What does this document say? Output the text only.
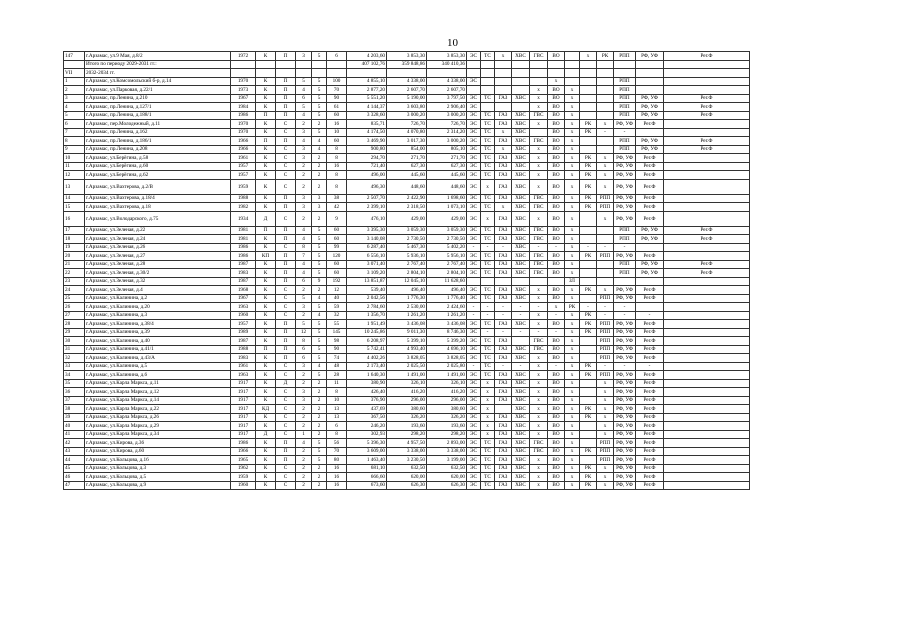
10
147	г.Арзамас, ул.9 Мая, д.8/2	1972	К	П	3	5	6	4 203,60	3 853,30	3 853,30	ЭС	ТС	х	ХВС	ГВС	ВО		х	РК	РПП	РФ, УФ	Рег.Ф
	Итого по периоду 2029-2031 гг.:							407 102,76	359 848,86	340 410,36												
VII	2032-2034 гг.																					
1	г.Арзамас, ул.Комсомольский б-р, д.14	1970	К	П	5	5	100	4 855,10	4 338,00	4 338,00	ЭС					х				РПП		
2	г.Арзамас, ул.Парковая, д.22/1	1973	К	П	4	5	70	2 877,20	2 607,70	2 607,70					х	ВО	х			РПП		
3	г.Арзамас, пр.Ленина, д.210	1967	К	П	6	5	90	5 551,20	5 190,00	3 797,50	ЭС	ТС	ГАЗ	ХВС	х	ВО	х			РПП	РФ, УФ	Рег.Ф
4	г.Арзамас, пр.Ленина, д.127/1	1984	К	П	5	5	61	4 144,37	3 603,80	2 906,40	ЭС				х	ВО	х			РПП	РФ, УФ	Рег.Ф
5	г.Арзамас, пр.Ленина, д.188/1	1986	П	П	4	5	60	3 328,60	3 000,20	3 000,20	ЭС	ТС	ГАЗ	ХВС	ГВС	ВО	х			РПП	РФ, УФ	Рег.Ф
6	г.Арзамас, пер.Молодежный, д.11	1970	К	С	2	2	16	835,71	726,70	726,70	ЭС	ТС	ГАЗ	ХВС	х	ВО	х	РК	х	РФ, УФ	Рег.Ф	
7	г.Арзамас, пр.Ленина, д.162	1970	К	С	3	5	10	4 174,50	4 070,80	2 314,20	ЭС	ТС	х	ХВС		ВО	х	РК	-	-		
8	г.Арзамас, пр.Ленина, д.186/1	1966	П	П	4	4	60	3 469,90	3 017,30	3 000,20	ЭС	ТС	ГАЗ	ХВС	ГВС	ВО	х			РПП	РФ, УФ	Рег.Ф
9	г.Арзамас, пр.Ленина, д.208	1966	К	С	3	4	8	900,80	854,00	805,10	ЭС	ТС	х	ХВС	х	ВО	х			РПП	РФ, УФ	Рег.Ф
10	г.Арзамас, ул.Берёгина, д.58	1961	К	С	3	2	8	294,70	271,70	271,70	ЭС	ТС	ГАЗ	ХВС	х	ВО	х	РК	х	РФ, УФ	Рег.Ф	
11	г.Арзамас, ул.Берёгина, д.60	1957	К	С	2	2	16	721,40	627,30	627,30	ЭС	ТС	ГАЗ	ХВС	х	ВО	х	РК	х	РФ, УФ	Рег.Ф	
12	г.Арзамас, ул.Берёгина, д.62	1957	К	С	2	2	8	496,00	445,60	445,60	ЭС	ТС	ГАЗ	ХВС	х	ВО	х	РК	х	РФ, УФ	Рег.Ф	
13	г.Арзамас, ул.Вахтерова, д.2/В	1959	К	С	2	2	8	496,30	448,60	448,60	ЭС	х	ГАЗ	ХВС	х	ВО	х	РК	х	РФ, УФ	Рег.Ф	
14	г.Арзамас, ул.Вахтерова, д.18/4	1988	К	П	3	3	38	2 507,70	2 422,90	1 698,60	ЭС	ТС	ГАЗ	ХВС	ГВС	ВО	х	РК	РПП	РФ, УФ	Рег.Ф	
15	г.Арзамас, ул.Вахтерова, д.18	1982	К	П	3	3	42	2 399,10	2 318,50	1 073,10	ЭС	ТС	х	ХВС	ГВС	ВО	х	РК	РПП	РФ, УФ	Рег.Ф	
16	г.Арзамас, ул.Володарского, д.75	1934	Д	С	2	2	9	476,10	429,00	429,00	ЭС	х	ГАЗ	ХВС	х	ВО	х		х	РФ, УФ	Рег.Ф	
17	г.Арзамас, ул.Зеленая, д.22	1981	П	П	4	5	60	3 395,30	3 059,30	3 059,30	ЭС	ТС	ГАЗ	ХВС	ГВС	ВО	х			РПП	РФ, УФ	Рег.Ф
18	г.Арзамас, ул.Зеленая, д.24	1981	К	П	4	5	60	3 140,08	2 730,50	2 730,50	ЭС	ТС	ГАЗ	ХВС	ГВС	ВО	х			РПП	РФ, УФ	Рег.Ф
19	г.Арзамас, ул.Зеленая, д.26	1986	К	С	8	5	99	6 287,40	5 467,30	5 402,20	-	-	-	ХВС	-	-	х	-	-	-		
20	г.Арзамас, ул.Зеленая, д.27	1986	КП	П	7	5	120	6 556,10	5 936,10	5 956,10	ЭС	ТС	ГАЗ	ХВС	ГВС	ВО	х	РК	РПП	РФ, УФ	Рег.Ф	
21	г.Арзамас, ул.Зеленая, д.28	1987	К	П	4	5	60	3 071,40	2 767,40	2 767,40	ЭС	ТС	ГАЗ	ХВС	ГВС	ВО	х			РПП	РФ, УФ	Рег.Ф
22	г.Арзамас, ул.Зеленая, д.30/2	1983	К	П	4	5	60	3 109,20	2 804,10	2 804,10	ЭС	ТС	ГАЗ	ХВС	ГВС	ВО	х			РПП	РФ, УФ	Рег.Ф
23	г.Арзамас, ул.Зеленая, д.32	1987	К	П	6	9	192	13 851,87	12 045,10	11 628,60							ЗЛ					
24	г.Арзамас, ул.Зеленая, д.4	1968	К	С	2	2	12	539,40	496,40	496,40	ЭС	ТС	ГАЗ	ХВС	х	ВО	х	РК	х	РФ, УФ	Рег.Ф	
25	г.Арзамас, ул.Калинина, д.2	1967	К	С	5	4	40	2 042,56	1 776,30	1 776,40	ЭС	ТС	ГАЗ	ХВС	х	ВО	х		РПП	РФ, УФ	Рег.Ф	
26	г.Арзамас, ул.Калинина, д.20	1963	К	С	3	5	59	2 784,60	2 530,00	2 424,60	-	-	-	-	-	х	РК	-	-	-		
27	г.Арзамас, ул.Калинина, д.3	1960	К	С	2	4	32	1 356,70	1 261,20	1 261,20	-	-	-	-	х	-	х	РК	-	-	-	
28	г.Арзамас, ул.Калинина, д.38/4	1957	К	П	5	5	55	1 951,49	3 436,08	3 436,08	ЭС	ТС	ГАЗ	ХВС	х	ВО	х	РК	РПП	РФ, УФ	Рег.Ф	
29	г.Арзамас, ул.Калинина, д.39	1989	К	П	12	5	145	10 245,86	9 011,30	8 746,30	ЭС	-	-	-	-	-	х	РК	РПП	РФ, УФ	Рег.Ф	
30	г.Арзамас, ул.Калинина, д.40	1987	К	П	8	5	98	6 208,97	5 399,10	5 399,20	ЭС	ТС	ГАЗ		ГВС	ВО	х		РПП	РФ, УФ	Рег.Ф	
31	г.Арзамас, ул.Калинина, д.41/1	1988	П	П	6	5	90	5 742,41	4 993,40	4 696,10	ЭС	ТС	ГАЗ	ХВС	ГВС	ВО	х		РПП	РФ, УФ	Рег.Ф	
32	г.Арзамас, ул.Калинина, д.43/А	1983	К	П	6	5	74	4 402,26	3 828,05	3 828,05	ЭС	ТС	ГАЗ	ХВС	х	ВО	х		РПП	РФ, УФ	Рег.Ф	
33	г.Арзамас, ул.Калинина, д.5	1961	К	С	3	4	48	2 173,40	2 025,50	2 025,80	-	ТС	-	-	х	-	х	РК	-	-	-	
34	г.Арзамас, ул.Калинина, д.6	1963	К	С	2	5	28	1 640,30	1 491,00	1 491,00	ЭС	ТС	ГАЗ	ХВС	х	ВО	х	РК	РПП	РФ, УФ	Рег.Ф	
35	г.Арзамас, ул.Карла Маркса, д.11	1917	К	Д	2	2	11	380,90	326,10	326,10	ЭС	х	ГАЗ	ХВС	х	ВО	х		х	РФ, УФ	Рег.Ф	
36	г.Арзамас, ул.Карла Маркса, д.12	1917	К	С	3	2	8	426,40	416,20	416,20	ЭС	х	ГАЗ	ХВС	х	ВО	х		х	РФ, УФ	Рег.Ф	
37	г.Арзамас, ул.Карла Маркса, д.14	1917	К	С	3	2	10	376,90	296,00	296,00	ЭС	х	ГАЗ	ХВС	х	ВО	х		х	РФ, УФ	Рег.Ф	
38	г.Арзамас, ул.Карла Маркса, д.22	1917	КД	С	2	2	13	437,69	380,60	380,60	ЭС	х		ХВС	х	ВО	х	РК	х	РФ, УФ	Рег.Ф	
39	г.Арзамас, ул.Карла Маркса, д.26	1917	К	С	2	2	13	367,50	326,20	326,20	ЭС	х	ГАЗ	ХВС	х	ВО	х	РК	х	РФ, УФ	Рег.Ф	
40	г.Арзамас, ул.Карла Маркса, д.29	1917	К	С	2	2	6	246,20	193,60	193,60	ЭС	х	ГАЗ	ХВС	х	ВО	х		х	РФ, УФ	Рег.Ф	
41	г.Арзамас, ул.Карла Маркса, д.34	1917	Д	С	1	2	8	302,93	298,20	298,20	ЭС	х	ГАЗ	ХВС	х	ВО	х		х	РФ, УФ	Рег.Ф	
42	г.Арзамас, ул.Кирова, д.36	1986	К	П	4	5	56	5 396,30	4 957,50	2 893,00	ЭС	ТС	ГАЗ	ХВС	ГВС	ВО	х		РПП	РФ, УФ	Рег.Ф	
43	г.Арзамас, ул.Кирова, д.60	1966	К	П	2	5	70	3 609,00	3 338,00	3 338,00	ЭС	ТС	ГАЗ	ХВС	ГВС	ВО	х	РК	РПП	РФ, УФ	Рег.Ф	
44	г.Арзамас, ул.Кольцова, д.16	1965	К	П	2	5	80	1 463,40	3 230,50	3 199,00	ЭС	ТС	ГАЗ	ХВС	х	ВО	х		РПП	РФ, УФ	Рег.Ф	
45	г.Арзамас, ул.Кольцова, д.3	1962	К	С	2	2	16	681,10	632,50	632,50	ЭС	ТС	ГАЗ	ХВС	х	ВО	х	РК	х	РФ, УФ	Рег.Ф	
46	г.Арзамас, ул.Кольцова, д.5	1959	К	С	2	2	16	666,60	620,00	620,00	ЭС	ТС	ГАЗ	ХВС	х	ВО	х	РК	х	РФ, УФ	Рег.Ф	
47	г.Арзамас, ул.Кольцова, д.9	1960	К	С	2	2	16	673,60	626,30	626,30	ЭС	ТС	ГАЗ	ХВС	х	ВО	х	РК	х	РФ, УФ	Рег.Ф	
